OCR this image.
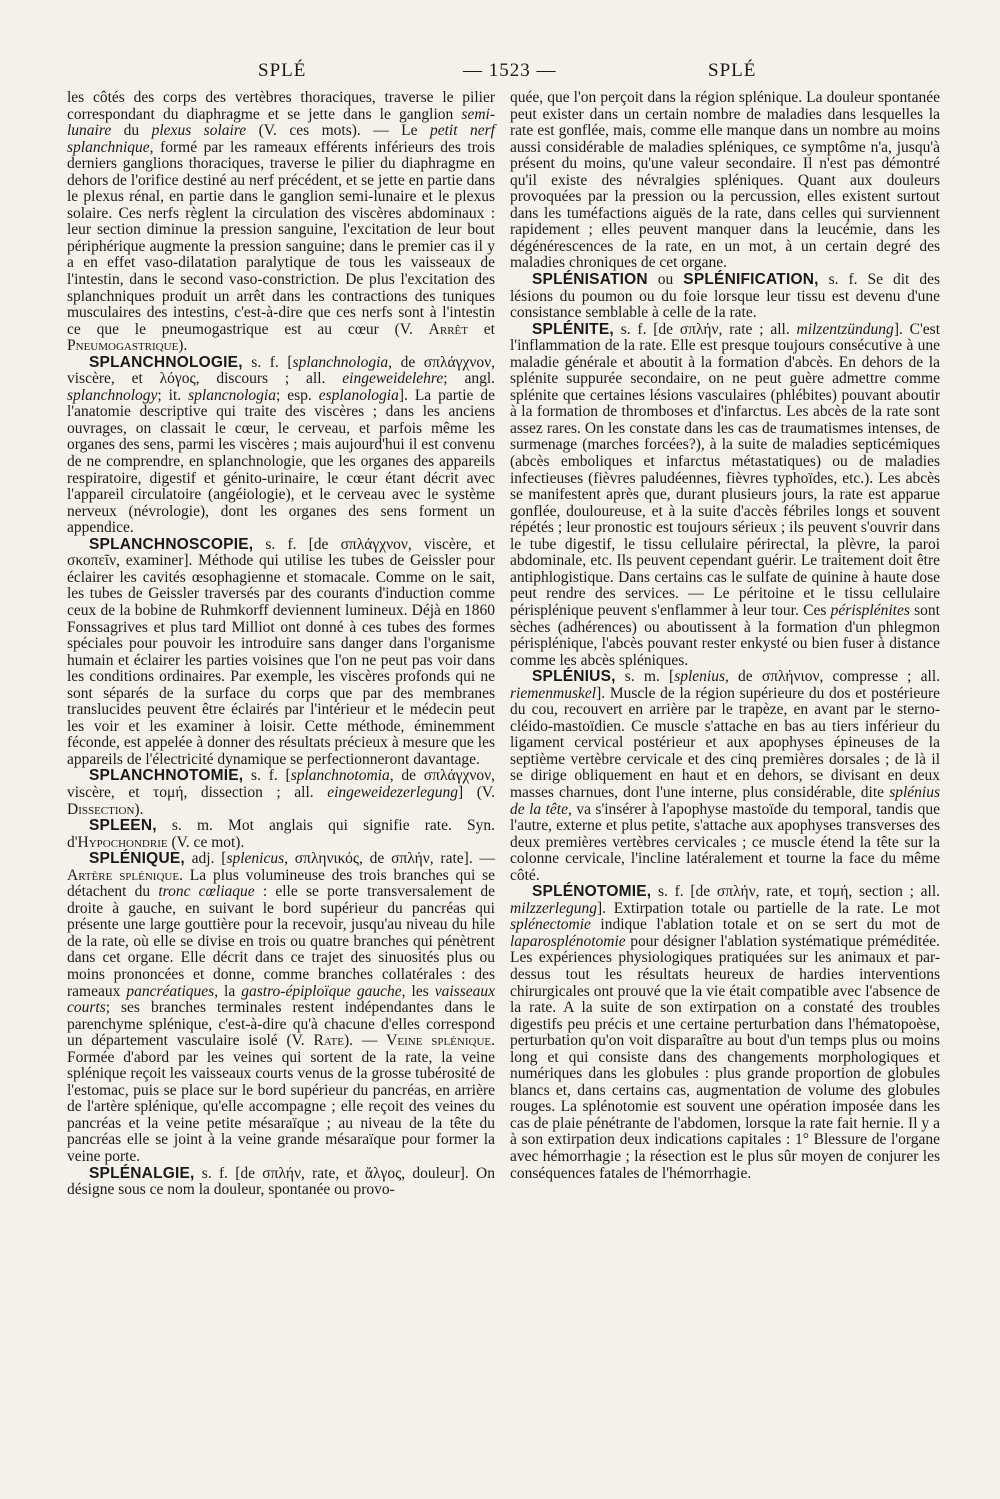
SPLÉ	— 1523 —	SPLÉ

les côtés des corps des vertèbres thoraciques, traverse le pilier correspondant du diaphragme et se jette dans le ganglion semi-lunaire du plexus solaire (V. ces mots). — Le petit nerf splanchnique, formé par les rameaux efférents inférieurs des trois derniers ganglions thoraciques, traverse le pilier du diaphragme en dehors de l'orifice destiné au nerf précédent, et se jette en partie dans le plexus rénal, en partie dans le ganglion semi-lunaire et le plexus solaire. Ces nerfs règlent la circulation des viscères abdominaux : leur section diminue la pression sanguine, l'excitation de leur bout périphérique augmente la pression sanguine; dans le premier cas il y a en effet vaso-dilatation paralytique de tous les vaisseaux de l'intestin, dans le second vaso-constriction. De plus l'excitation des splanchniques produit un arrêt dans les contractions des tuniques musculaires des intestins, c'est-à-dire que ces nerfs sont à l'intestin ce que le pneumogastrique est au cœur (V. Arrêt et Pneumogastrique).

SPLANCHNOLOGIE, s. f. [splanchnologia, de σπλάγχνον, viscère, et λόγος, discours ; all. eingeweidelehre; angl. splanchnology; it. splancnologia; esp. esplanologia]. La partie de l'anatomie descriptive qui traite des viscères ; dans les anciens ouvrages, on classait le cœur, le cerveau, et parfois même les organes des sens, parmi les viscères ; mais aujourd'hui il est convenu de ne comprendre, en splanchnologie, que les organes des appareils respiratoire, digestif et génito-urinaire, le cœur étant décrit avec l'appareil circulatoire (angéiologie), et le cerveau avec le système nerveux (névrologie), dont les organes des sens forment un appendice.

SPLANCHNOSCOPIE, s. f. [de σπλάγχνον, viscère, et σκοπεῖν, examiner]. Méthode qui utilise les tubes de Geissler pour éclairer les cavités œsophagienne et stomacale. Comme on le sait, les tubes de Geissler traversés par des courants d'induction comme ceux de la bobine de Ruhmkorff deviennent lumineux. Déjà en 1860 Fonssagrives et plus tard Milliot ont donné à ces tubes des formes spéciales pour pouvoir les introduire sans danger dans l'organisme humain et éclairer les parties voisines que l'on ne peut pas voir dans les conditions ordinaires. Par exemple, les viscères profonds qui ne sont séparés de la surface du corps que par des membranes translucides peuvent être éclairés par l'intérieur et le médecin peut les voir et les examiner à loisir. Cette méthode, éminemment féconde, est appelée à donner des résultats précieux à mesure que les appareils de l'électricité dynamique se perfectionneront davantage.

SPLANCHNOTOMIE, s. f. [splanchnotomia, de σπλάγχνον, viscère, et τομή, dissection ; all. eingeweidezerlegung] (V. Dissection).

SPLEEN, s. m. Mot anglais qui signifie rate. Syn. d'Hypochondrie (V. ce mot).

SPLÉNIQUE, adj. [splenicus, σπληνικός, de σπλήν, rate]. — Artère splénique. La plus volumineuse des trois branches qui se détachent du tronc cœliaque : elle se porte transversalement de droite à gauche, en suivant le bord supérieur du pancréas qui présente une large gouttière pour la recevoir, jusqu'au niveau du hile de la rate, où elle se divise en trois ou quatre branches qui pénètrent dans cet organe. Elle décrit dans ce trajet des sinuosités plus ou moins prononcées et donne, comme branches collatérales : des rameaux pancréatiques, la gastro-épiploïque gauche, les vaisseaux courts; ses branches terminales restent indépendantes dans le parenchyme splénique, c'est-à-dire qu'à chacune d'elles correspond un département vasculaire isolé (V. Rate). — Veine splénique. Formée d'abord par les veines qui sortent de la rate, la veine splénique reçoit les vaisseaux courts venus de la grosse tubérosité de l'estomac, puis se place sur le bord supérieur du pancréas, en arrière de l'artère splénique, qu'elle accompagne ; elle reçoit des veines du pancréas et la veine petite mésaraïque ; au niveau de la tête du pancréas elle se joint à la veine grande mésaraïque pour former la veine porte.

SPLÉNALGIE, s. f. [de σπλήν, rate, et ἄλγος, douleur]. On désigne sous ce nom la douleur, spontanée ou provo-

quée, que l'on perçoit dans la région splénique. La douleur spontanée peut exister dans un certain nombre de maladies dans lesquelles la rate est gonflée, mais, comme elle manque dans un nombre au moins aussi considérable de maladies spléniques, ce symptôme n'a, jusqu'à présent du moins, qu'une valeur secondaire. Il n'est pas démontré qu'il existe des névralgies spléniques. Quant aux douleurs provoquées par la pression ou la percussion, elles existent surtout dans les tuméfactions aiguës de la rate, dans celles qui surviennent rapidement ; elles peuvent manquer dans la leucémie, dans les dégénérescences de la rate, en un mot, à un certain degré des maladies chroniques de cet organe.

SPLÉNISATION ou SPLÉNIFICATION, s. f. Se dit des lésions du poumon ou du foie lorsque leur tissu est devenu d'une consistance semblable à celle de la rate.

SPLÉNITE, s. f. [de σπλήν, rate ; all. milzentzündung]. C'est l'inflammation de la rate. Elle est presque toujours consécutive à une maladie générale et aboutit à la formation d'abcès. En dehors de la splénite suppurée secondaire, on ne peut guère admettre comme splénite que certaines lésions vasculaires (phlébites) pouvant aboutir à la formation de thromboses et d'infarctus. Les abcès de la rate sont assez rares. On les constate dans les cas de traumatismes intenses, de surmenage (marches forcées?), à la suite de maladies septicémiques (abcès emboliques et infarctus métastatiques) ou de maladies infectieuses (fièvres paludéennes, fièvres typhoïdes, etc.). Les abcès se manifestent après que, durant plusieurs jours, la rate est apparue gonflée, douloureuse, et à la suite d'accès fébriles longs et souvent répétés ; leur pronostic est toujours sérieux ; ils peuvent s'ouvrir dans le tube digestif, le tissu cellulaire périrectal, la plèvre, la paroi abdominale, etc. Ils peuvent cependant guérir. Le traitement doit être antiphlogistique. Dans certains cas le sulfate de quinine à haute dose peut rendre des services. — Le péritoine et le tissu cellulaire périsplénique peuvent s'enflammer à leur tour. Ces périsplénites sont sèches (adhérences) ou aboutissent à la formation d'un phlegmon périsplénique, l'abcès pouvant rester enkysté ou bien fuser à distance comme les abcès spléniques.

SPLÉNIUS, s. m. [splenius, de σπλήνιον, compresse ; all. riemenmuskel]. Muscle de la région supérieure du dos et postérieure du cou, recouvert en arrière par le trapèze, en avant par le sterno-cléido-mastoïdien. Ce muscle s'attache en bas au tiers inférieur du ligament cervical postérieur et aux apophyses épineuses de la septième vertèbre cervicale et des cinq premières dorsales ; de là il se dirige obliquement en haut et en dehors, se divisant en deux masses charnues, dont l'une interne, plus considérable, dite splénius de la tête, va s'insérer à l'apophyse mastoïde du temporal, tandis que l'autre, externe et plus petite, s'attache aux apophyses transverses des deux premières vertèbres cervicales ; ce muscle étend la tête sur la colonne cervicale, l'incline latéralement et tourne la face du même côté.

SPLÉNOTOMIE, s. f. [de σπλήν, rate, et τομή, section ; all. milzzerlegung]. Extirpation totale ou partielle de la rate. Le mot splénectomie indique l'ablation totale et on se sert du mot de laparosplénotomie pour désigner l'ablation systématique préméditée. Les expériences physiologiques pratiquées sur les animaux et par-dessus tout les résultats heureux de hardies interventions chirurgicales ont prouvé que la vie était compatible avec l'absence de la rate. A la suite de son extirpation on a constaté des troubles digestifs peu précis et une certaine perturbation dans l'hématopoèse, perturbation qu'on voit disparaître au bout d'un temps plus ou moins long et qui consiste dans des changements morphologiques et numériques dans les globules : plus grande proportion de globules blancs et, dans certains cas, augmentation de volume des globules rouges. La splénotomie est souvent une opération imposée dans les cas de plaie pénétrante de l'abdomen, lorsque la rate fait hernie. Il y a à son extirpation deux indications capitales : 1° Blessure de l'organe avec hémorrhagie ; la résection est le plus sûr moyen de conjurer les conséquences fatales de l'hémorrhagie.
